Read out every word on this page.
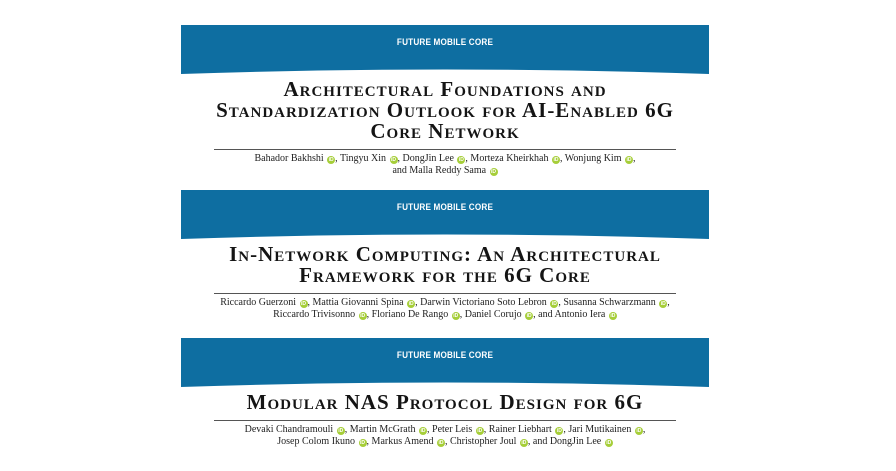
FUTURE MOBILE CORE
Architectural Foundations and
Standardization Outlook for AI-Enabled 6G
Core Network
Bahador Bakhshi iD , Tingyu Xin iD , DongJin Lee iD , Morteza Kheirkhah iD , Wonjung Kim iD ,
and Malla Reddy Sama iD
FUTURE MOBILE CORE
In-Network Computing: An Architectural
Framework for the 6G Core
Riccardo Guerzoni iD , Mattia Giovanni Spina iD , Darwin Victoriano Soto Lebron iD , Susanna Schwarzmann iD ,
Riccardo Trivisonno iD , Floriano De Rango iD , Daniel Corujo iD , and Antonio Iera iD
FUTURE MOBILE CORE
Modular NAS Protocol Design for 6G
Devaki Chandramouli iD , Martin McGrath iD , Peter Leis iD , Rainer Liebhart iD , Jari Mutikainen iD ,
Josep Colom Ikuno iD , Markus Amend iD , Christopher Joul iD , and DongJin Lee iD
